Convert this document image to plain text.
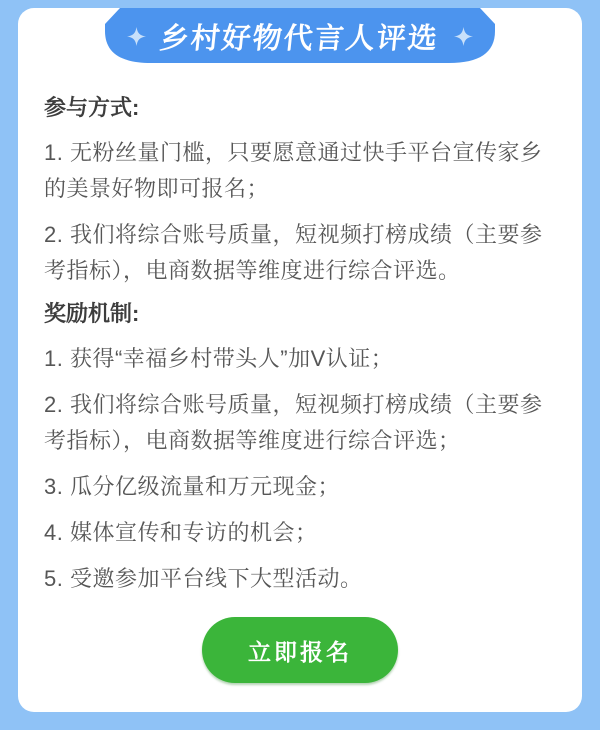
参与方式:

1. 无粉丝量门槛，只要愿意通过快手平台宣传家乡的美景好物即可报名；

2. 我们将综合账号质量，短视频打榜成绩（主要参考指标），电商数据等维度进行综合评选。

奖励机制:

1. 获得“幸福乡村带头人”加V认证；

2. 我们将综合账号质量，短视频打榜成绩（主要参考指标），电商数据等维度进行综合评选；

3. 瓜分亿级流量和万元现金；

4. 媒体宣传和专访的机会；

5. 受邀参加平台线下大型活动。

立即报名
乡村好物代言人评选
